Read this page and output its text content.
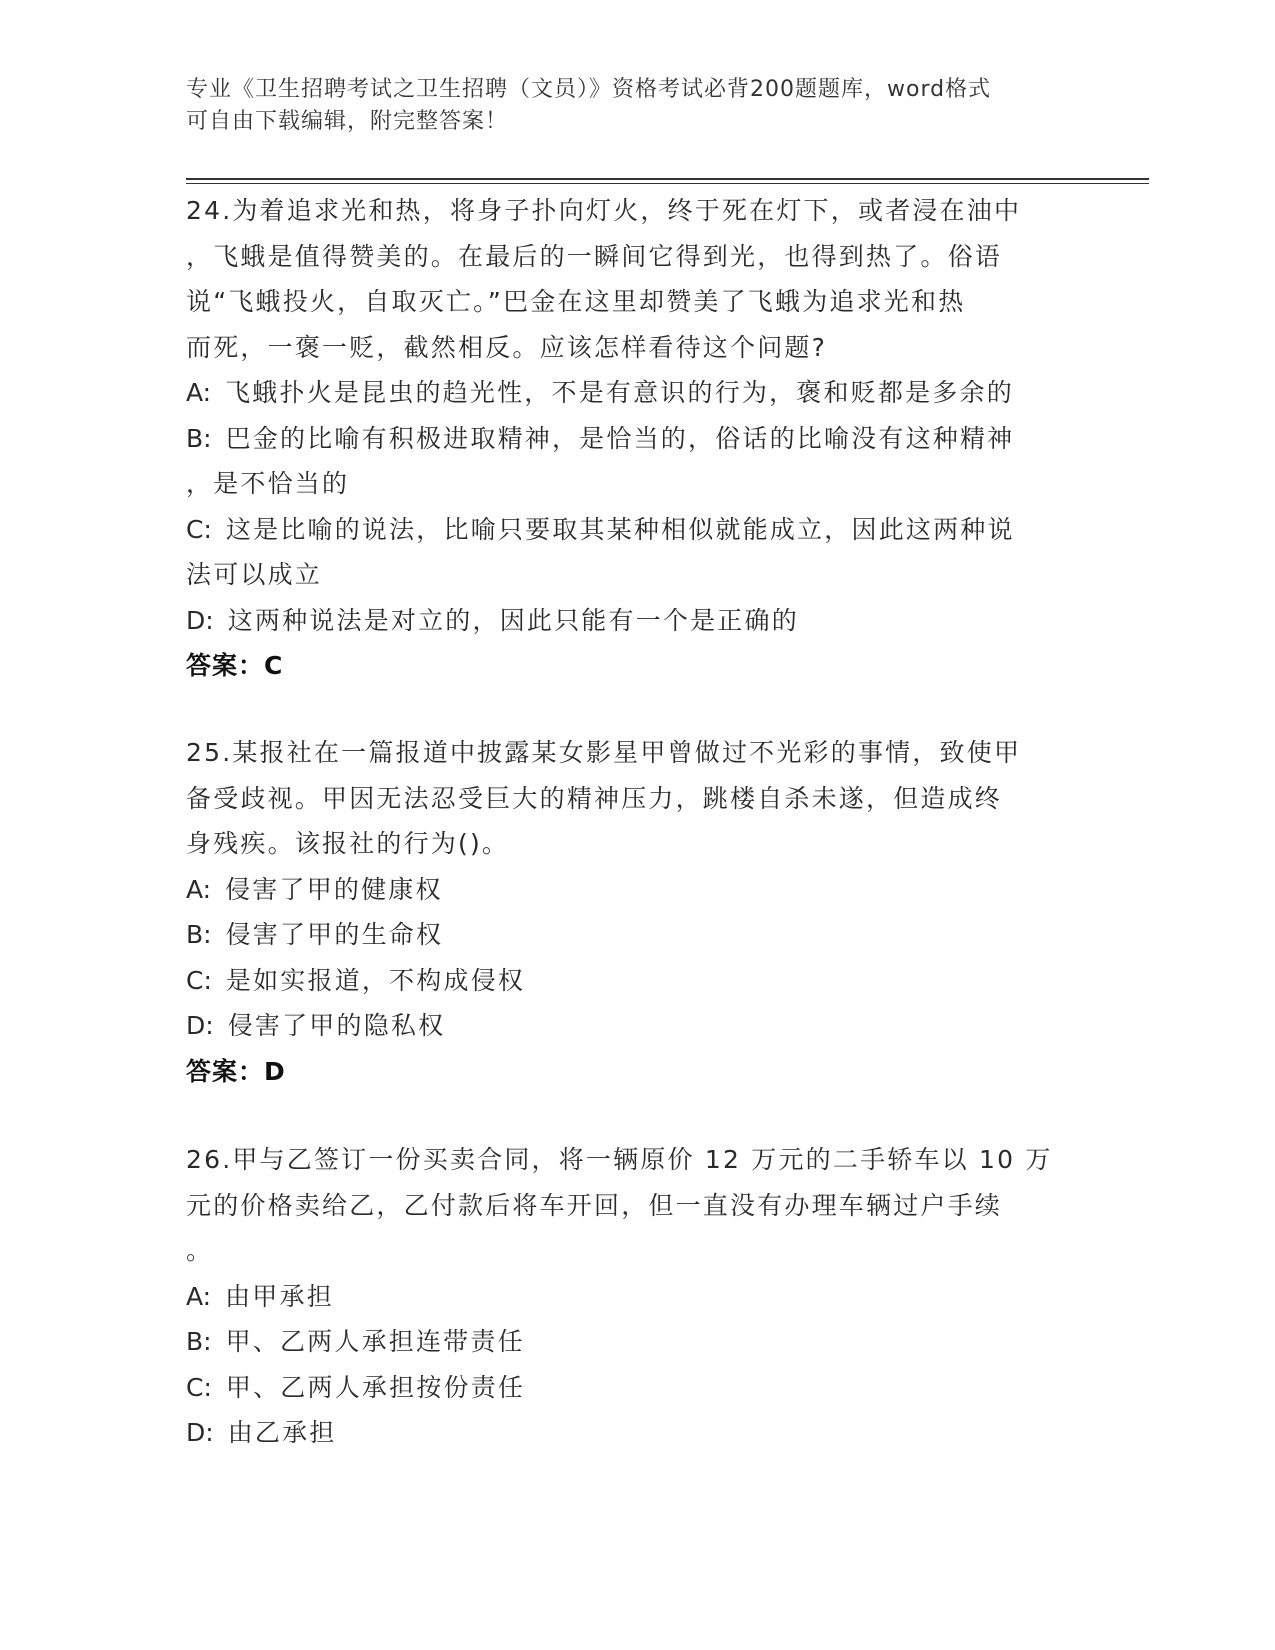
专业《卫生招聘考试之卫生招聘（文员）》资格考试必背200题题库，word格式
可自由下载编辑，附完整答案！
24.为着追求光和热，将身子扑向灯火，终于死在灯下，或者浸在油中
，飞蛾是值得赞美的。在最后的一瞬间它得到光，也得到热了。俗语
说“飞蛾投火，自取灭亡。”巴金在这里却赞美了飞蛾为追求光和热
而死，一褒一贬，截然相反。应该怎样看待这个问题?
A: 飞蛾扑火是昆虫的趋光性，不是有意识的行为，褒和贬都是多余的
B: 巴金的比喻有积极进取精神，是恰当的，俗话的比喻没有这种精神
，是不恰当的
C: 这是比喻的说法，比喻只要取其某种相似就能成立，因此这两种说
法可以成立
D: 这两种说法是对立的，因此只能有一个是正确的
答案：C
25.某报社在一篇报道中披露某女影星甲曾做过不光彩的事情，致使甲
备受歧视。甲因无法忍受巨大的精神压力，跳楼自杀未遂，但造成终
身残疾。该报社的行为()。
A: 侵害了甲的健康权
B: 侵害了甲的生命权
C: 是如实报道，不构成侵权
D: 侵害了甲的隐私权
答案：D
26.甲与乙签订一份买卖合同，将一辆原价 12 万元的二手轿车以 10 万
元的价格卖给乙，乙付款后将车开回，但一直没有办理车辆过户手续
。
A: 由甲承担
B: 甲、乙两人承担连带责任
C: 甲、乙两人承担按份责任
D: 由乙承担
